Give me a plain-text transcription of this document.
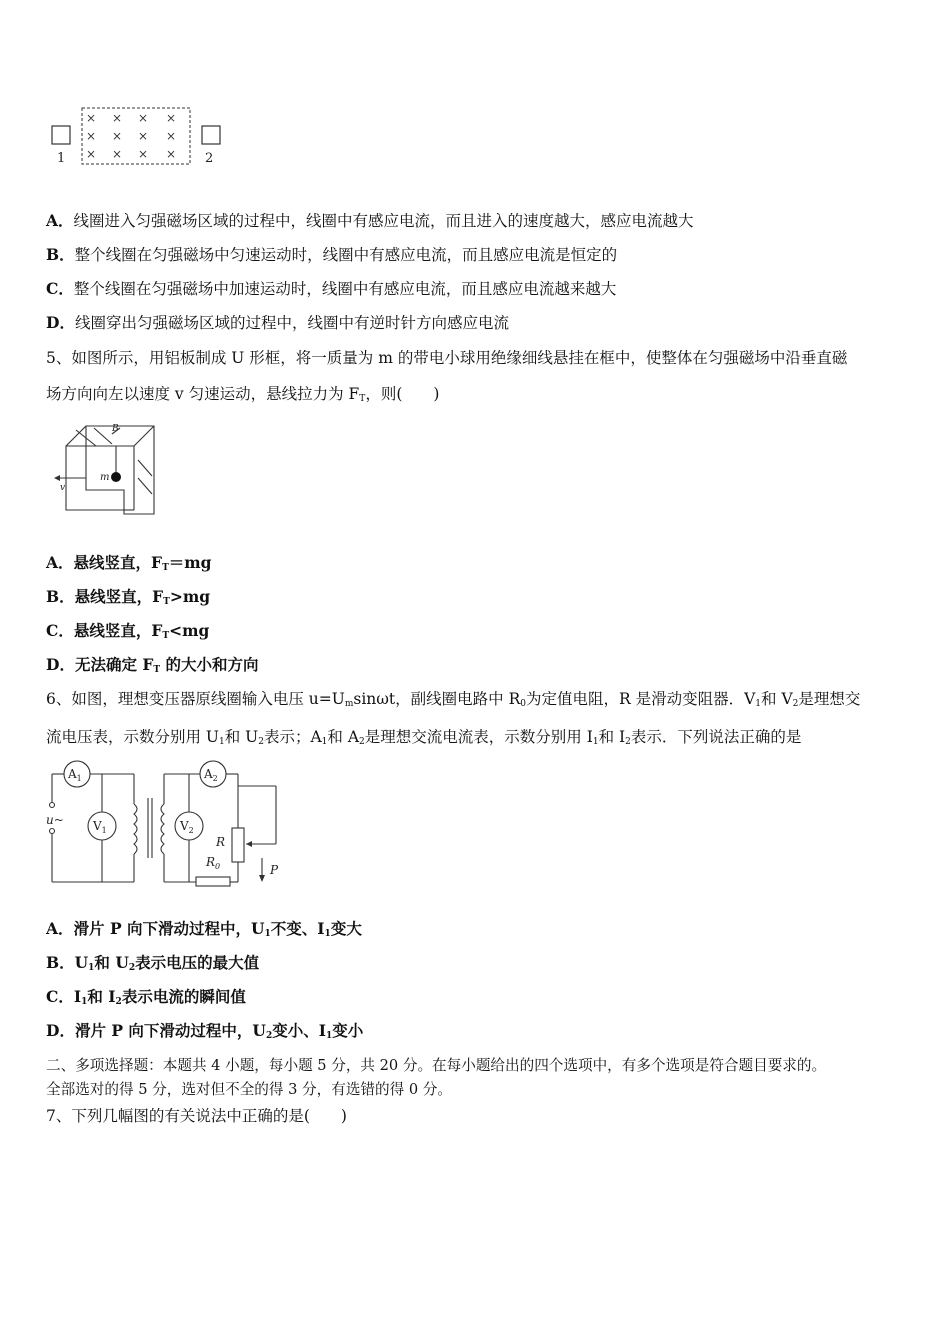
× × × ×
× × × ×
× × × ×
1	2
A．线圈进入匀强磁场区域的过程中，线圈中有感应电流，而且进入的速度越大，感应电流越大
B．整个线圈在匀强磁场中匀速运动时，线圈中有感应电流，而且感应电流是恒定的
C．整个线圈在匀强磁场中加速运动时，线圈中有感应电流，而且感应电流越来越大
D．线圈穿出匀强磁场区域的过程中，线圈中有逆时针方向感应电流
5、如图所示，用铝板制成 U 形框，将一质量为 m 的带电小球用绝缘细线悬挂在框中，使整体在匀强磁场中沿垂直磁
场方向向左以速度 v 匀速运动，悬线拉力为 $F_T$，则(　　)
B
m
v
A．悬线竖直，$F_T=mg$
B．悬线竖直，$F_T>mg$
C．悬线竖直，$F_T<mg$
D．无法确定 $F_T$ 的大小和方向
6、如图，理想变压器原线圈输入电压 $u=U_m\sin\omega t$，副线圈电路中 $R_0$为定值电阻，R 是滑动变阻器．$V_1$和 $V_2$是理想交
流电压表，示数分别用 $U_1$和 $U_2$表示；$A_1$和 $A_2$是理想交流电流表，示数分别用 $I_1$和 $I_2$表示．下列说法正确的是
$A_1$	$A_2$
$V_1$	$V_2$
u~
R
$R_0$	P
A．滑片 P 向下滑动过程中，$U_1$不变、$I_1$变大
B．$U_1$和 $U_2$表示电压的最大值
C．$I_1$和 $I_2$表示电流的瞬间值
D．滑片 P 向下滑动过程中，$U_2$变小、$I_1$变小
二、多项选择题：本题共 4 小题，每小题 5 分，共 20 分。在每小题给出的四个选项中，有多个选项是符合题目要求的。
全部选对的得 5 分，选对但不全的得 3 分，有选错的得 0 分。
7、下列几幅图的有关说法中正确的是(　　)
